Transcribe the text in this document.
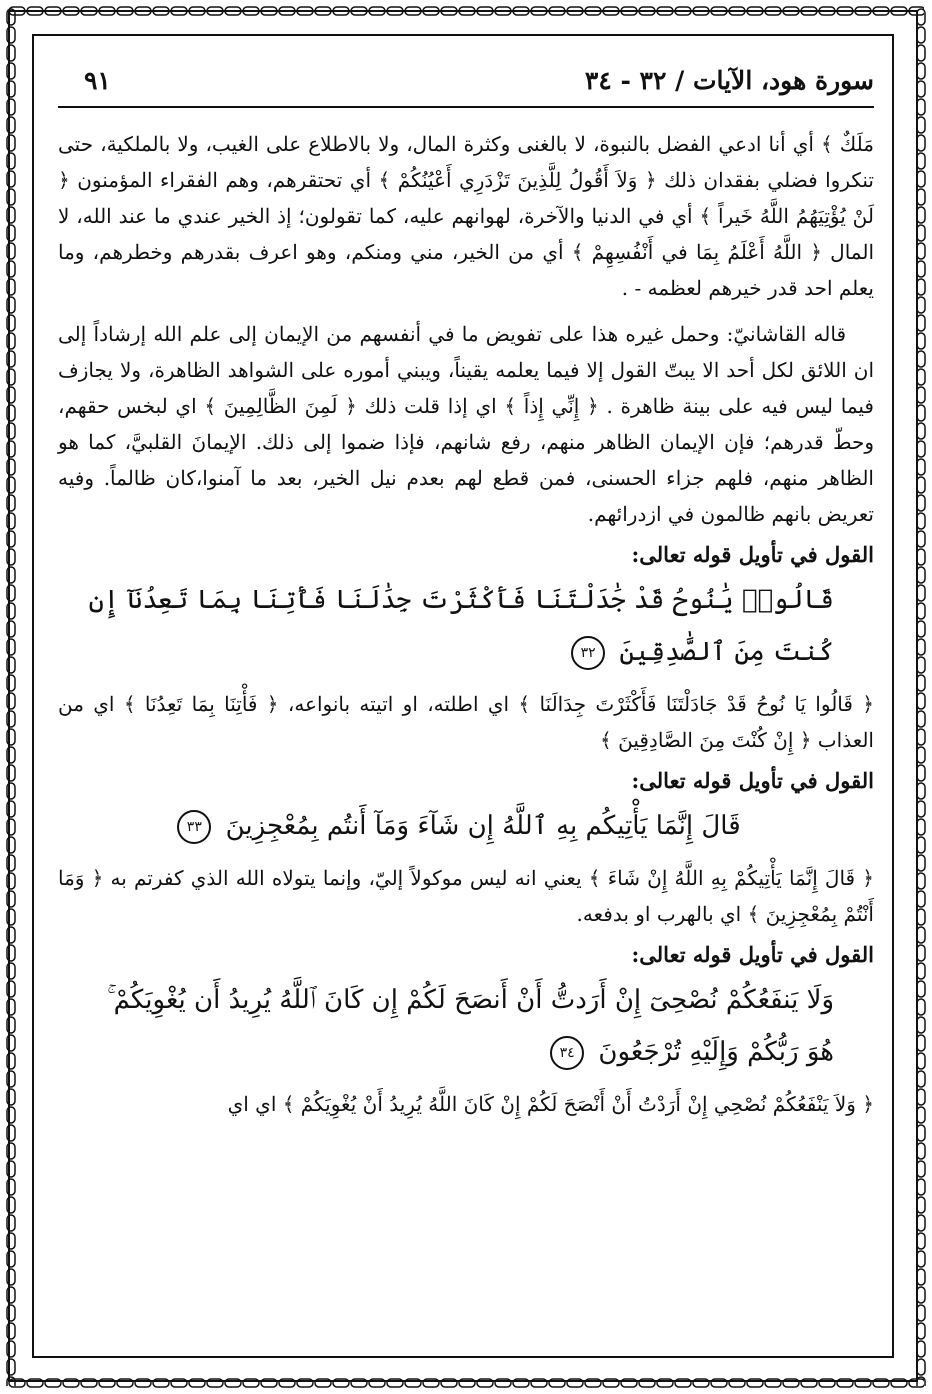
سورة هود، الآيات / ٣٢ - ٣٤
٩١

مَلَكٌ ﴾ أي أنا ادعي الفضل بالنبوة، لا بالغنى وكثرة المال، ولا بالاطلاع على الغيب، ولا بالملكية، حتى تنكروا فضلي بفقدان ذلك ﴿ وَلاَ أَقُولُ لِلَّذِينَ تَزْدَرِي أَعْيُنُكُمْ ﴾ أي تحتقرهم، وهم الفقراء المؤمنون ﴿ لَنْ يُؤْتِيَهُمُ اللَّهُ خَيراً ﴾ أي في الدنيا والآخرة، لهوانهم عليه، كما تقولون؛ إذ الخير عندي ما عند الله، لا المال ﴿ اللَّهُ أَعْلَمُ بِمَا في أَنْفُسِهِمْ ﴾ أي من الخير، مني ومنكم، وهو اعرف بقدرهم وخطرهم، وما يعلم احد قدر خيرهم لعظمه - .

قاله القاشانيّ: وحمل غيره هذا على تفويض ما في أنفسهم من الإيمان إلى علم الله إرشاداً إلى ان اللائق لكل أحد الا يبتّ القول إلا فيما يعلمه يقيناً، ويبني أموره على الشواهد الظاهرة، ولا يجازف فيما ليس فيه على بينة ظاهرة . ﴿ إِنِّي إِذاً ﴾ اي إذا قلت ذلك ﴿ لَمِنَ الظَّالِمِينَ ﴾ اي لبخس حقهم، وحطّ قدرهم؛ فإن الإيمان الظاهر منهم، رفع شانهم، فإذا ضموا إلى ذلك. الإيمانَ القلبيَّ، كما هو الظاهر منهم، فلهم جزاء الحسنى، فمن قطع لهم بعدم نيل الخير، بعد ما آمنوا،كان ظالماً. وفيه تعريض بانهم ظالمون في ازدرائهم.

القول في تأويل قوله تعالى:

قَالُوا۟ يَٰنُوحُ قَدْ جَٰدَلْتَنَا فَأَكْثَرْتَ جِدَٰلَنَا فَأْتِنَا بِمَا تَعِدُنَآ إِن كُنتَ مِنَ ٱلصَّٰدِقِينَ ٣٢

﴿ قَالُوا يَا نُوحُ قَدْ جَادَلْتَنَا فَأَكْثَرْتَ جِدَالَنَا ﴾ اي اطلته، او اتيته بانواعه، ﴿ فَأْتِنَا بِمَا تَعِدُنَا ﴾ اي من العذاب ﴿ إِنْ كُنْتَ مِنَ الصَّادِقِينَ ﴾

القول في تأويل قوله تعالى:

قَالَ إِنَّمَا يَأْتِيكُم بِهِ ٱللَّهُ إِن شَآءَ وَمَآ أَنتُم بِمُعْجِزِينَ ٣٣

﴿ قَالَ إِنَّمَا يَأْتِيكُمْ بِهِ اللَّهُ إِنْ شَاءَ ﴾ يعني انه ليس موكولاً إليّ، وإنما يتولاه الله الذي كفرتم به ﴿ وَمَا أَنْتُمْ بِمُعْجِزِينَ ﴾ اي بالهرب او بدفعه.

القول في تأويل قوله تعالى:

وَلَا يَنفَعُكُمْ نُصْحِىٓ إِنْ أَرَدتُّ أَنْ أَنصَحَ لَكُمْ إِن كَانَ ٱللَّهُ يُرِيدُ أَن يُغْوِيَكُمْ ۚ هُوَ رَبُّكُمْ وَإِلَيْهِ تُرْجَعُونَ ٣٤

﴿ وَلاَ يَنْفَعُكُمْ نُصْحِي إِنْ أَرَدْتُ أَنْ أَنْصَحَ لَكُمْ إِنْ كَانَ اللَّهُ يُرِيدُ أَنْ يُغْوِيَكُمْ ﴾ اي اي
